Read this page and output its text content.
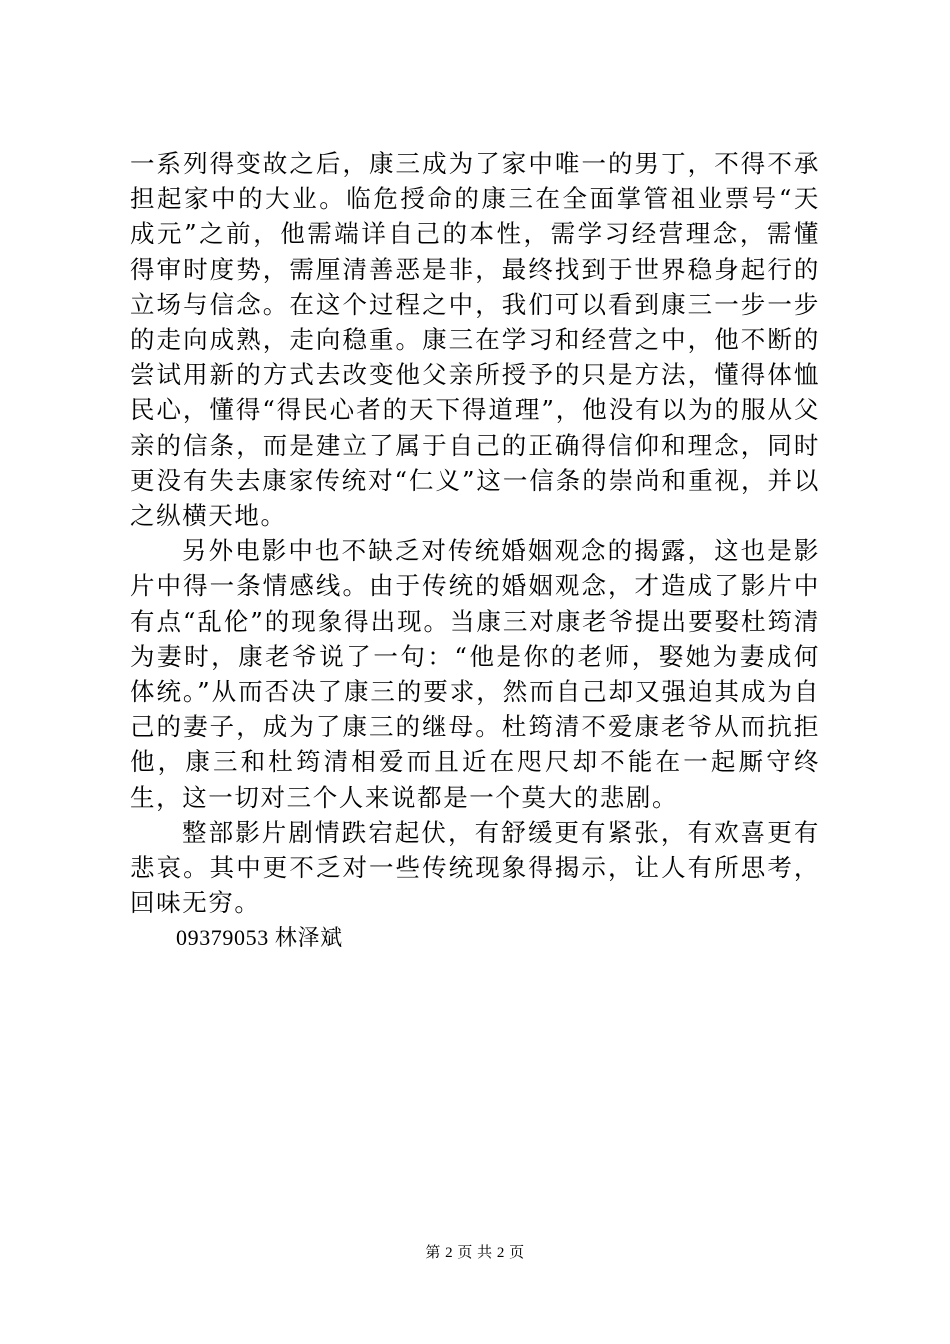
一系列得变故之后，康三成为了家中唯一的男丁，不得不承担起家中的大业。临危授命的康三在全面掌管祖业票号“天成元”之前，他需端详自己的本性，需学习经营理念，需懂得审时度势，需厘清善恶是非，最终找到于世界稳身起行的立场与信念。在这个过程之中，我们可以看到康三一步一步的走向成熟，走向稳重。康三在学习和经营之中，他不断的尝试用新的方式去改变他父亲所授予的只是方法，懂得体恤民心，懂得“得民心者的天下得道理”，他没有以为的服从父亲的信条，而是建立了属于自己的正确得信仰和理念，同时更没有失去康家传统对“仁义”这一信条的崇尚和重视，并以之纵横天地。

另外电影中也不缺乏对传统婚姻观念的揭露，这也是影片中得一条情感线。由于传统的婚姻观念，才造成了影片中有点“乱伦”的现象得出现。当康三对康老爷提出要娶杜筠清为妻时，康老爷说了一句：“他是你的老师，娶她为妻成何体统。”从而否决了康三的要求，然而自己却又强迫其成为自己的妻子，成为了康三的继母。杜筠清不爱康老爷从而抗拒他，康三和杜筠清相爱而且近在咫尺却不能在一起厮守终生，这一切对三个人来说都是一个莫大的悲剧。

整部影片剧情跌宕起伏，有舒缓更有紧张，有欢喜更有悲哀。其中更不乏对一些传统现象得揭示，让人有所思考，回味无穷。

09379053 林泽斌

第 2 页 共 2 页
